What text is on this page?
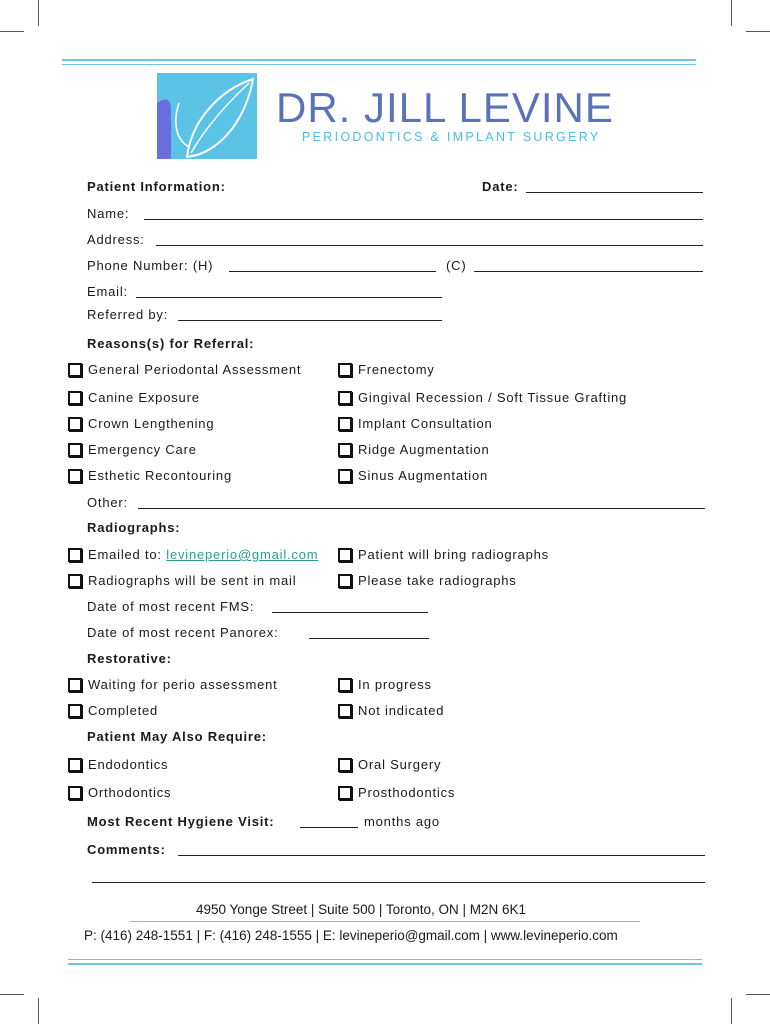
DR. JILL LEVINE
PERIODONTICS & IMPLANT SURGERY
Patient Information:	Date:
Name:
Address:
Phone Number: (H)	(C)
Email:
Referred by:
Reasons(s) for Referral:
General Periodontal Assessment	Frenectomy
Canine Exposure	Gingival Recession / Soft Tissue Grafting
Crown Lengthening	Implant Consultation
Emergency Care	Ridge Augmentation
Esthetic Recontouring	Sinus Augmentation
Other:
Radiographs:
Emailed to: levineperio@gmail.com	Patient will bring radiographs
Radiographs will be sent in mail	Please take radiographs
Date of most recent FMS:
Date of most recent Panorex:
Restorative:
Waiting for perio assessment	In progress
Completed	Not indicated
Patient May Also Require:
Endodontics	Oral Surgery
Orthodontics	Prosthodontics
Most Recent Hygiene Visit:	months ago
Comments:
4950 Yonge Street | Suite 500 | Toronto, ON | M2N 6K1
P: (416) 248-1551 | F: (416) 248-1555 | E: levineperio@gmail.com | www.levineperio.com
